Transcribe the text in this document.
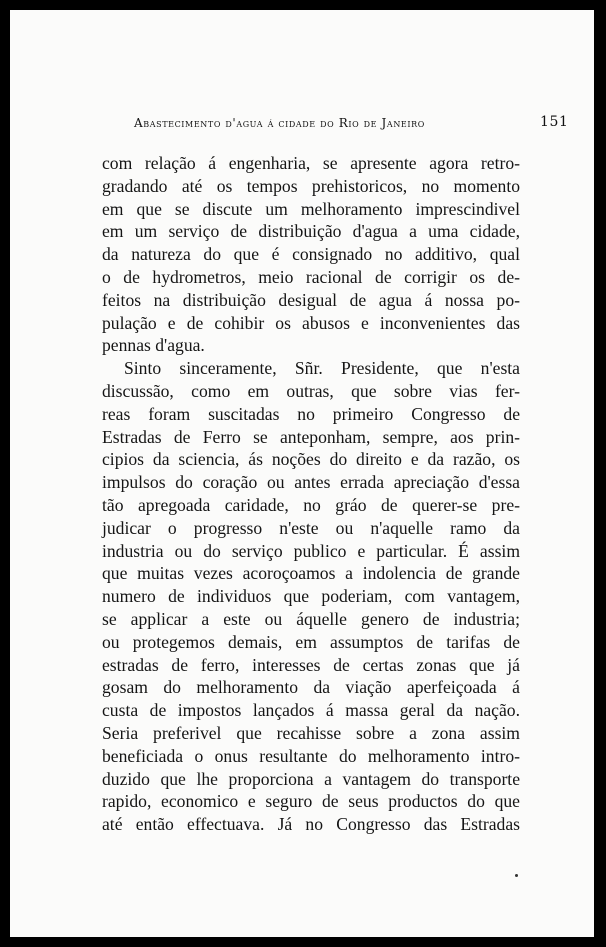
Abastecimento d'agua á cidade do Rio de Janeiro	151
com relação á engenharia, se apresente agora retro-
gradando até os tempos prehistoricos, no momento
em que se discute um melhoramento imprescindivel
em um serviço de distribuição d'agua a uma cidade,
da natureza do que é consignado no additivo, qual
o de hydrometros, meio racional de corrigir os de-
feitos na distribuição desigual de agua á nossa po-
pulação e de cohibir os abusos e inconvenientes das
pennas d'agua.
Sinto sinceramente, Sñr. Presidente, que n'esta
discussão, como em outras, que sobre vias fer-
reas foram suscitadas no primeiro Congresso de
Estradas de Ferro se anteponham, sempre, aos prin-
cipios da sciencia, ás noções do direito e da razão, os
impulsos do coração ou antes errada apreciação d'essa
tão apregoada caridade, no gráo de querer-se pre-
judicar o progresso n'este ou n'aquelle ramo da
industria ou do serviço publico e particular. É assim
que muitas vezes acoroçoamos a indolencia de grande
numero de individuos que poderiam, com vantagem,
se applicar a este ou áquelle genero de industria;
ou protegemos demais, em assumptos de tarifas de
estradas de ferro, interesses de certas zonas que já
gosam do melhoramento da viação aperfeiçoada á
custa de impostos lançados á massa geral da nação.
Seria preferivel que recahisse sobre a zona assim
beneficiada o onus resultante do melhoramento intro-
duzido que lhe proporciona a vantagem do transporte
rapido, economico e seguro de seus productos do que
até então effectuava. Já no Congresso das Estradas
